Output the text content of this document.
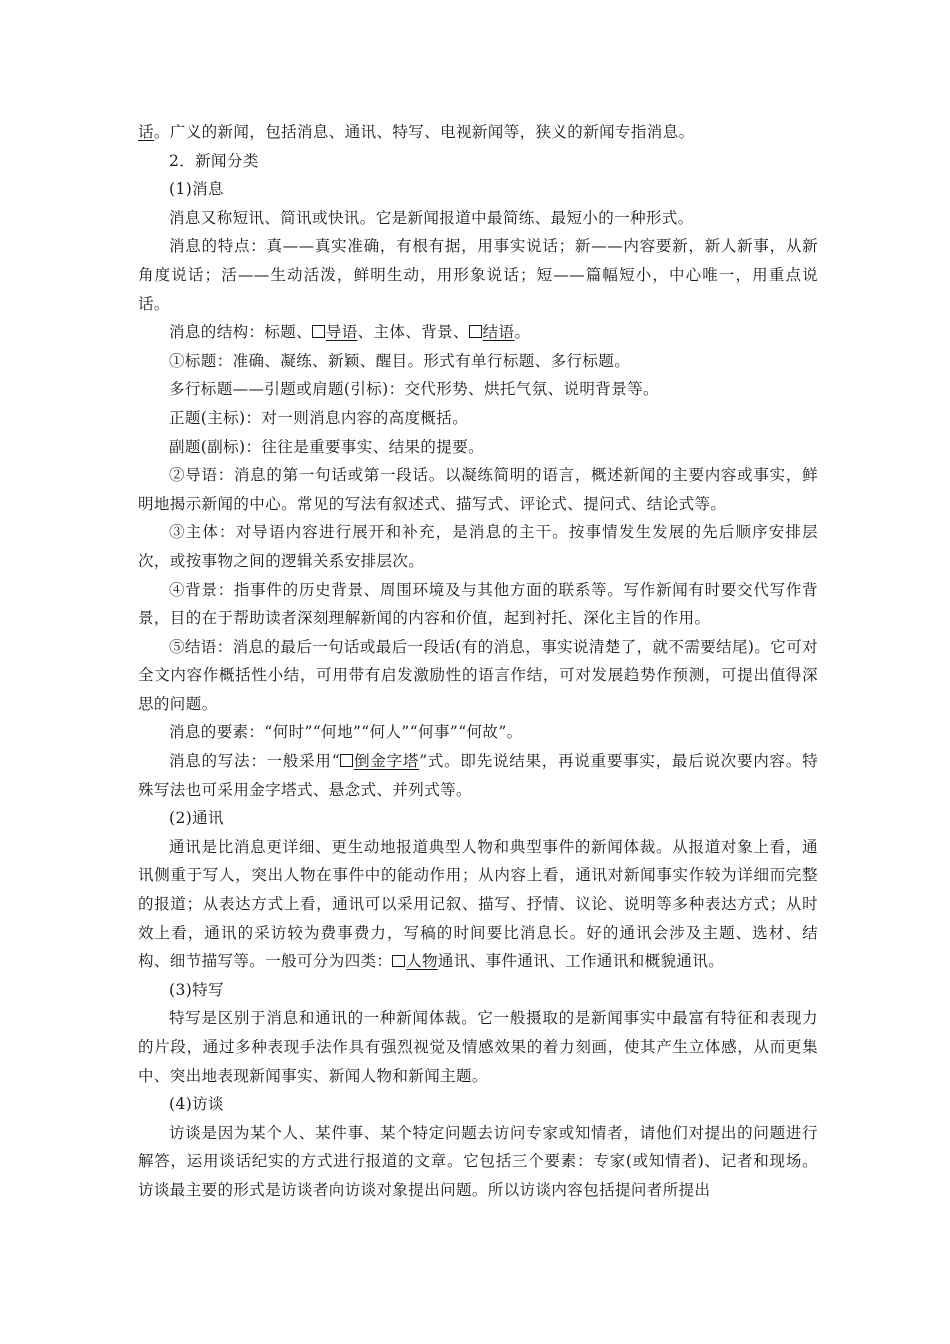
话。广义的新闻，包括消息、通讯、特写、电视新闻等，狭义的新闻专指消息。

2．新闻分类

(1)消息

消息又称短讯、简讯或快讯。它是新闻报道中最简练、最短小的一种形式。

消息的特点：真——真实准确，有根有据，用事实说话；新——内容要新，新人新事，从新角度说话；活——生动活泼，鲜明生动，用形象说话；短——篇幅短小，中心唯一，用重点说话。

消息的结构：标题、 导语、主体、背景、 结语。

①标题：准确、凝练、新颖、醒目。形式有单行标题、多行标题。

多行标题——引题或肩题(引标)：交代形势、烘托气氛、说明背景等。

正题(主标)：对一则消息内容的高度概括。

副题(副标)：往往是重要事实、结果的提要。

②导语：消息的第一句话或第一段话。以凝练简明的语言，概述新闻的主要内容或事实，鲜明地揭示新闻的中心。常见的写法有叙述式、描写式、评论式、提问式、结论式等。

③主体：对导语内容进行展开和补充，是消息的主干。按事情发生发展的先后顺序安排层次，或按事物之间的逻辑关系安排层次。

④背景：指事件的历史背景、周围环境及与其他方面的联系等。写作新闻有时要交代写作背景，目的在于帮助读者深刻理解新闻的内容和价值，起到衬托、深化主旨的作用。

⑤结语：消息的最后一句话或最后一段话(有的消息，事实说清楚了，就不需要结尾)。它可对全文内容作概括性小结，可用带有启发激励性的语言作结，可对发展趋势作预测，可提出值得深思的问题。

消息的要素：“何时”“何地”“何人”“何事”“何故”。

消息的写法：一般采用“ 倒金字塔”式。即先说结果，再说重要事实，最后说次要内容。特殊写法也可采用金字塔式、悬念式、并列式等。

(2)通讯

通讯是比消息更详细、更生动地报道典型人物和典型事件的新闻体裁。从报道对象上看，通讯侧重于写人，突出人物在事件中的能动作用；从内容上看，通讯对新闻事实作较为详细而完整的报道；从表达方式上看，通讯可以采用记叙、描写、抒情、议论、说明等多种表达方式；从时效上看，通讯的采访较为费事费力，写稿的时间要比消息长。好的通讯会涉及主题、选材、结构、细节描写等。一般可分为四类： 人物通讯、事件通讯、工作通讯和概貌通讯。

(3)特写

特写是区别于消息和通讯的一种新闻体裁。它一般摄取的是新闻事实中最富有特征和表现力的片段，通过多种表现手法作具有强烈视觉及情感效果的着力刻画，使其产生立体感，从而更集中、突出地表现新闻事实、新闻人物和新闻主题。

(4)访谈

访谈是因为某个人、某件事、某个特定问题去访问专家或知情者，请他们对提出的问题进行解答，运用谈话纪实的方式进行报道的文章。它包括三个要素：专家(或知情者)、记者和现场。访谈最主要的形式是访谈者向访谈对象提出问题。所以访谈内容包括提问者所提出
